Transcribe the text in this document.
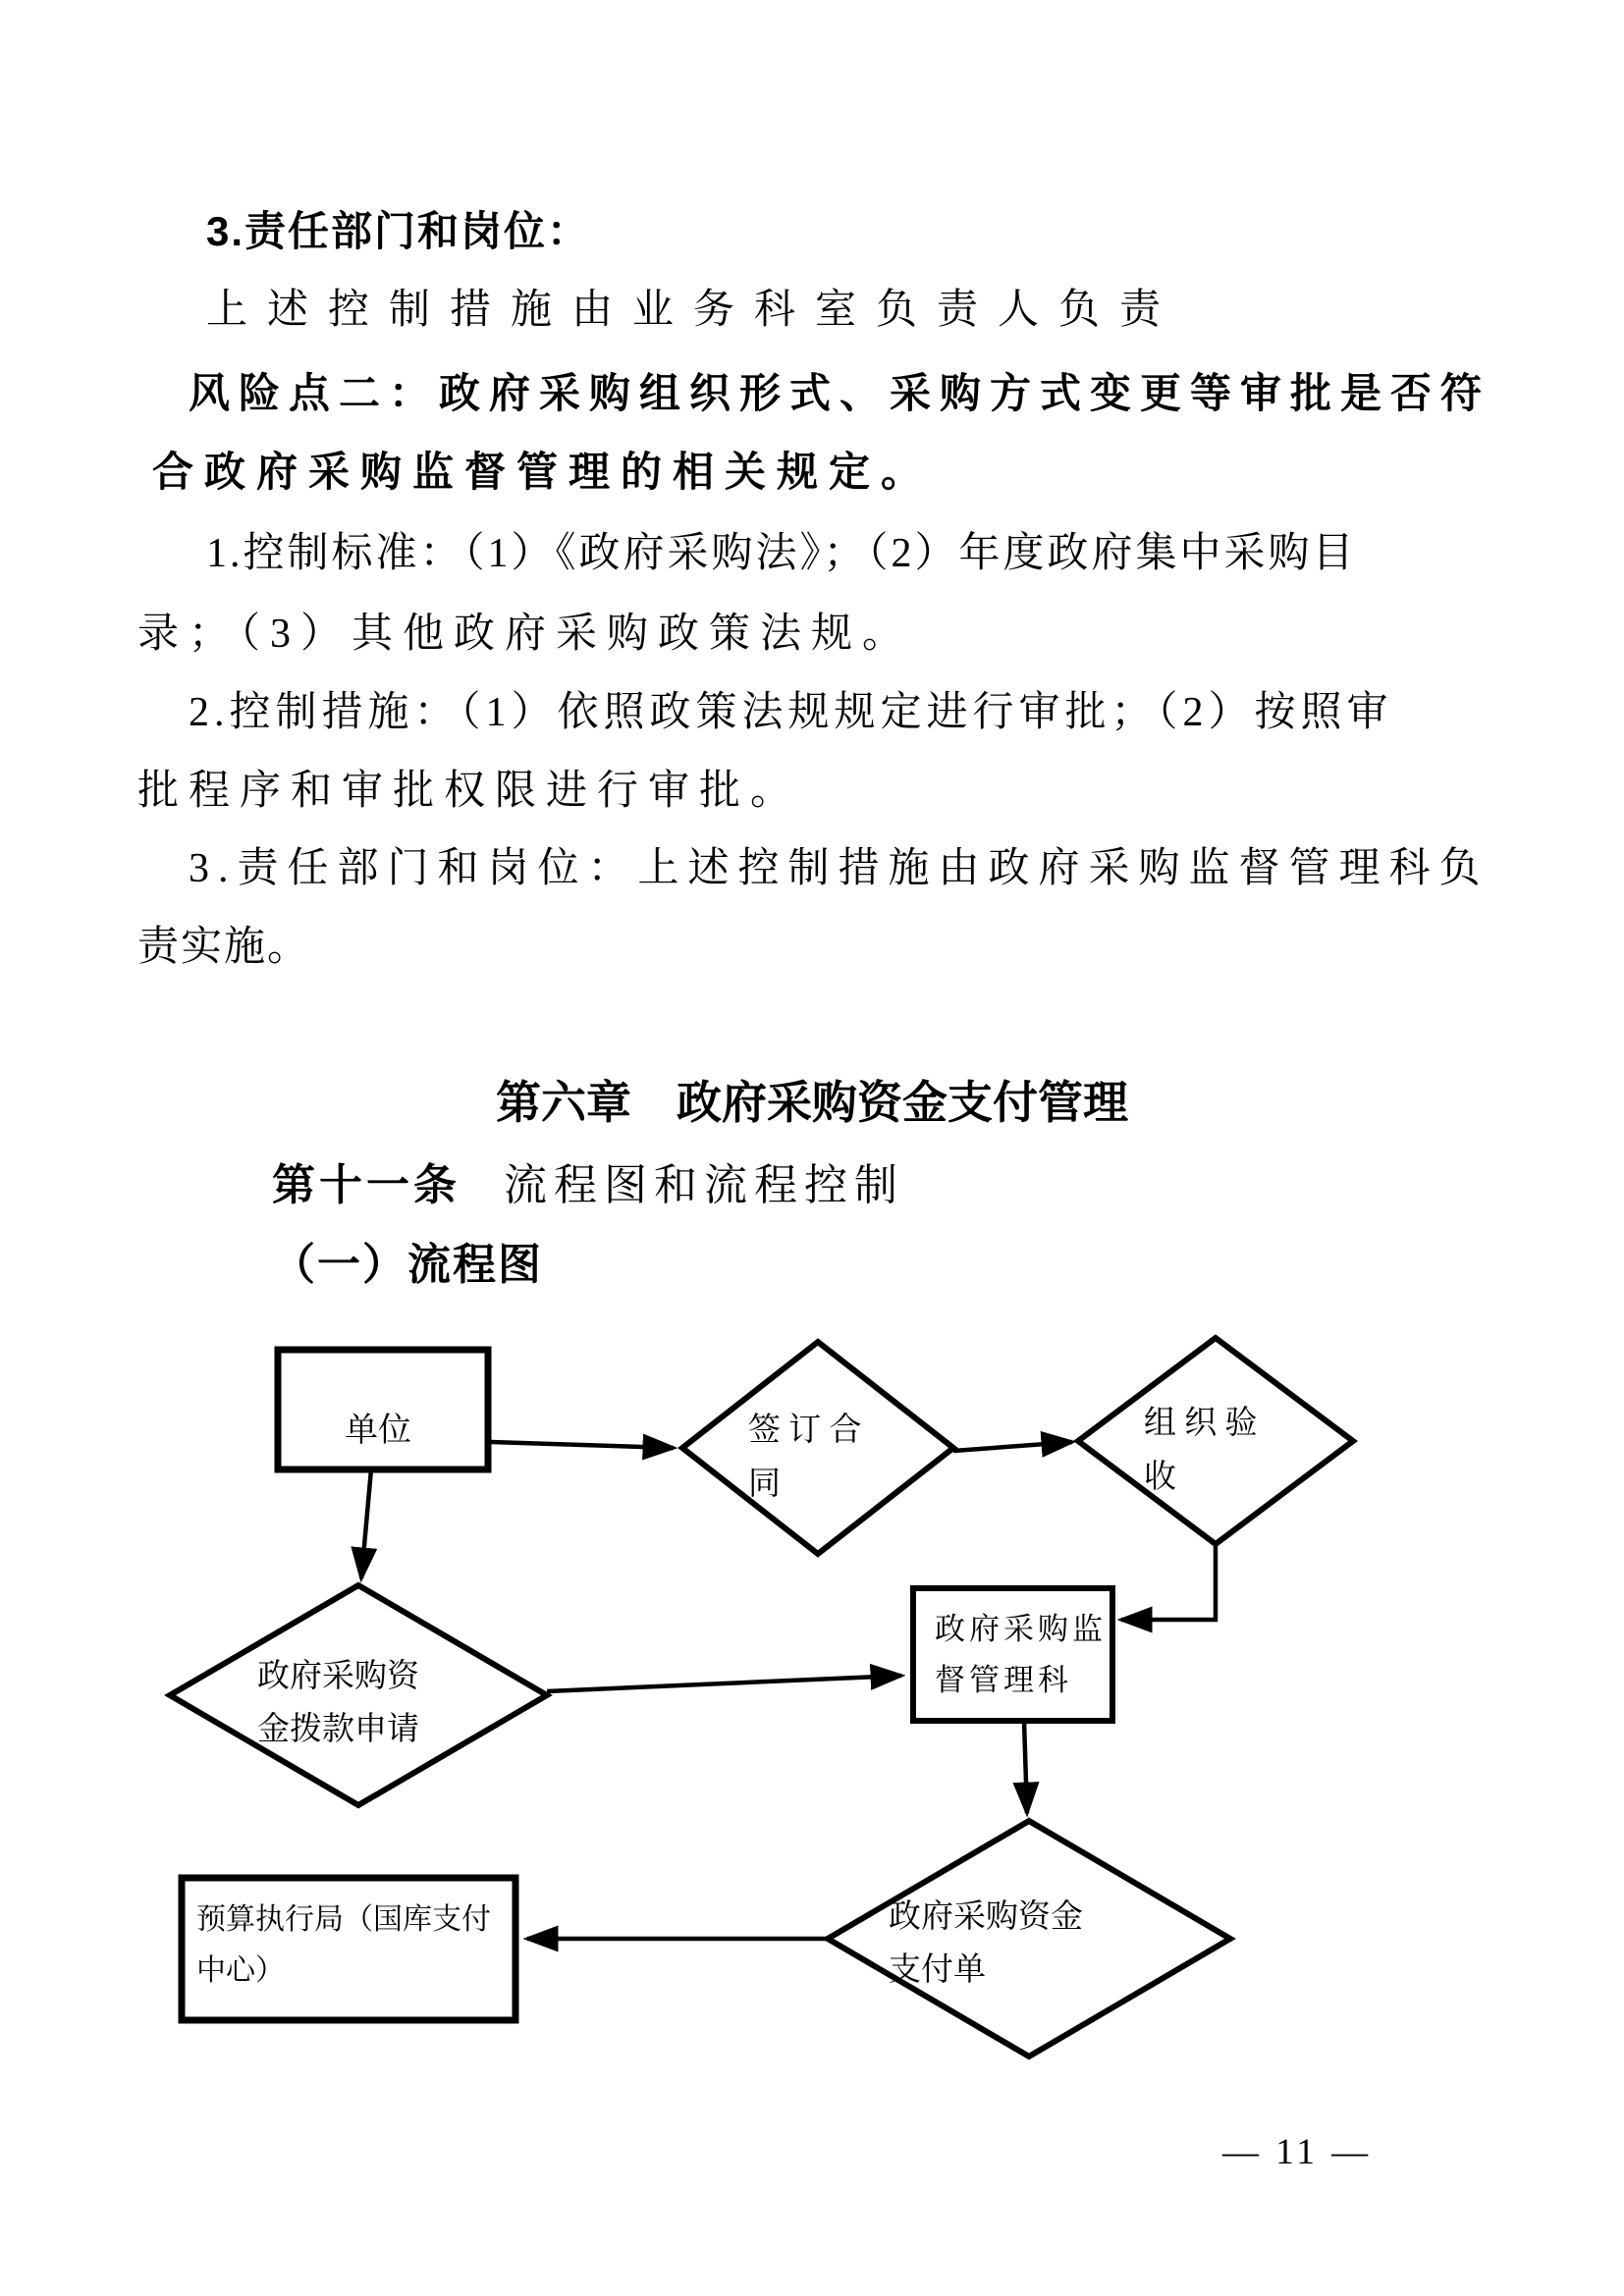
3.责任部门和岗位：
上述控制措施由业务科室负责人负责
风险点二：政府采购组织形式、采购方式变更等审批是否符
合政府采购监督管理的相关规定。
1.控制标准：（1）《政府采购法》；（2）年度政府集中采购目
录；（3）其他政府采购政策法规。
2.控制措施：（1）依照政策法规规定进行审批；（2）按照审
批程序和审批权限进行审批。
3.责任部门和岗位：上述控制措施由政府采购监督管理科负
责实施。
第六章　政府采购资金支付管理
第十一条 流程图和流程控制
（一）流程图
单位	签 订 合
同
组 织 验
收
政府采购监
督管理科
政府采购资
金拨款申请
政府采购资金
支付单
预算执行局（国库支付
中心）
— 11 —
